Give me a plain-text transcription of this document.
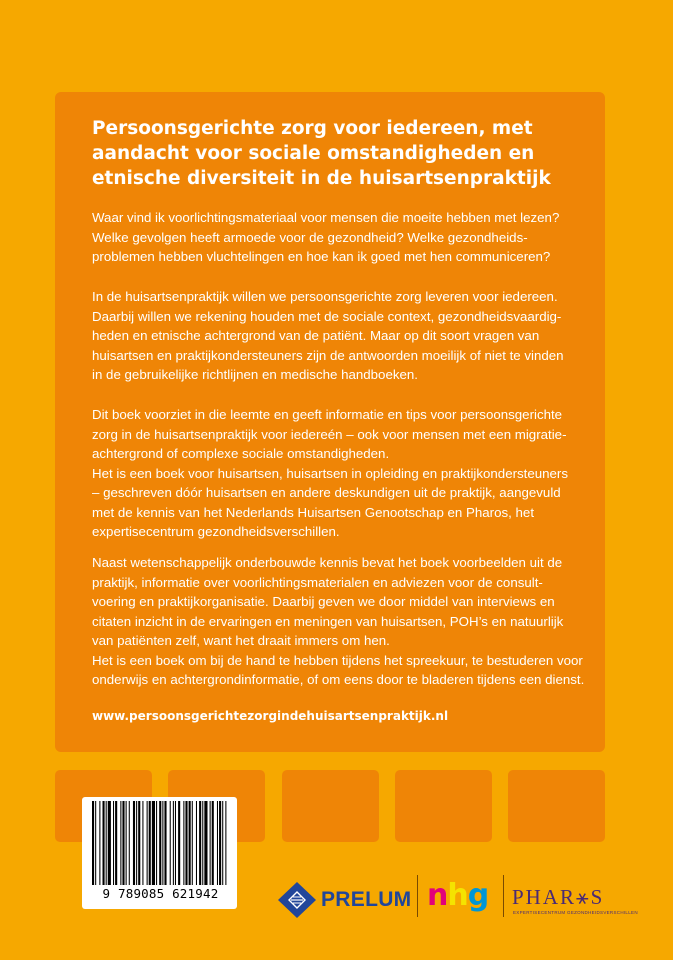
Persoonsgerichte zorg voor iedereen, met
aandacht voor sociale omstandigheden en
etnische diversiteit in de huisartsenpraktijk
Waar vind ik voorlichtingsmateriaal voor mensen die moeite hebben met lezen?
Welke gevolgen heeft armoede voor de gezondheid? Welke gezondheids-
problemen hebben vluchtelingen en hoe kan ik goed met hen communiceren?
In de huisartsenpraktijk willen we persoonsgerichte zorg leveren voor iedereen.
Daarbij willen we rekening houden met de sociale context, gezondheidsvaardig-
heden en etnische achtergrond van de patiënt. Maar op dit soort vragen van
huisartsen en praktijkondersteuners zijn de antwoorden moeilijk of niet te vinden
in de gebruikelijke richtlijnen en medische handboeken.
Dit boek voorziet in die leemte en geeft informatie en tips voor persoonsgerichte
zorg in de huisartsenpraktijk voor iedereén – ook voor mensen met een migratie-
achtergrond of complexe sociale omstandigheden.
Het is een boek voor huisartsen, huisartsen in opleiding en praktijkondersteuners
– geschreven dóór huisartsen en andere deskundigen uit de praktijk, aangevuld
met de kennis van het Nederlands Huisartsen Genootschap en Pharos, het
expertisecentrum gezondheidsverschillen.
Naast wetenschappelijk onderbouwde kennis bevat het boek voorbeelden uit de
praktijk, informatie over voorlichtingsmaterialen en adviezen voor de consult-
voering en praktijkorganisatie. Daarbij geven we door middel van interviews en
citaten inzicht in de ervaringen en meningen van huisartsen, POH’s en natuurlijk
van patiënten zelf, want het draait immers om hen.
Het is een boek om bij de hand te hebben tijdens het spreekuur, te bestuderen voor
onderwijs en achtergrondinformatie, of om eens door te bladeren tijdens een dienst.
www.persoonsgerichtezorgindehuisartsenpraktijk.nl
9 789085 621942	PRELUM nhg PHAR⚹S
EXPERTISECENTRUM GEZONDHEIDSVERSCHILLEN
